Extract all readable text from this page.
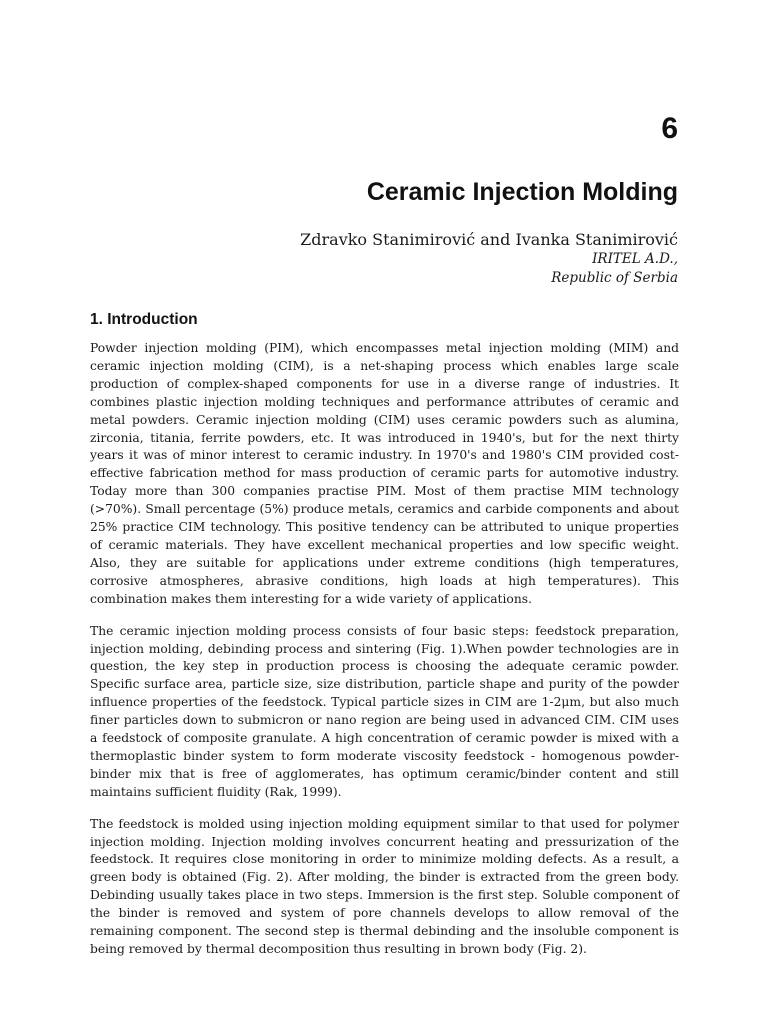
6
Ceramic Injection Molding
Zdravko Stanimirović and Ivanka Stanimirović
IRITEL A.D.,
Republic of Serbia
1. Introduction

Powder injection molding (PIM), which encompasses metal injection molding (MIM) and ceramic injection molding (CIM), is a net-shaping process which enables large scale production of complex-shaped components for use in a diverse range of industries. It combines plastic injection molding techniques and performance attributes of ceramic and metal powders. Ceramic injection molding (CIM) uses ceramic powders such as alumina, zirconia, titania, ferrite powders, etc. It was introduced in 1940's, but for the next thirty years it was of minor interest to ceramic industry. In 1970's and 1980's CIM provided cost-effective fabrication method for mass production of ceramic parts for automotive industry. Today more than 300 companies practise PIM. Most of them practise MIM technology (>70%). Small percentage (5%) produce metals, ceramics and carbide components and about 25% practice CIM technology. This positive tendency can be attributed to unique properties of ceramic materials. They have excellent mechanical properties and low specific weight. Also, they are suitable for applications under extreme conditions (high temperatures, corrosive atmospheres, abrasive conditions, high loads at high temperatures). This combination makes them interesting for a wide variety of applications.

The ceramic injection molding process consists of four basic steps: feedstock preparation, injection molding, debinding process and sintering (Fig. 1).When powder technologies are in question, the key step in production process is choosing the adequate ceramic powder. Specific surface area, particle size, size distribution, particle shape and purity of the powder influence properties of the feedstock. Typical particle sizes in CIM are 1-2μm, but also much finer particles down to submicron or nano region are being used in advanced CIM. CIM uses a feedstock of composite granulate. A high concentration of ceramic powder is mixed with a thermoplastic binder system to form moderate viscosity feedstock - homogenous powder-binder mix that is free of agglomerates, has optimum ceramic/binder content and still maintains sufficient fluidity (Rak, 1999).

The feedstock is molded using injection molding equipment similar to that used for polymer injection molding. Injection molding involves concurrent heating and pressurization of the feedstock. It requires close monitoring in order to minimize molding defects. As a result, a green body is obtained (Fig. 2). After molding, the binder is extracted from the green body. Debinding usually takes place in two steps. Immersion is the first step. Soluble component of the binder is removed and system of pore channels develops to allow removal of the remaining component. The second step is thermal debinding and the insoluble component is being removed by thermal decomposition thus resulting in brown body (Fig. 2).
